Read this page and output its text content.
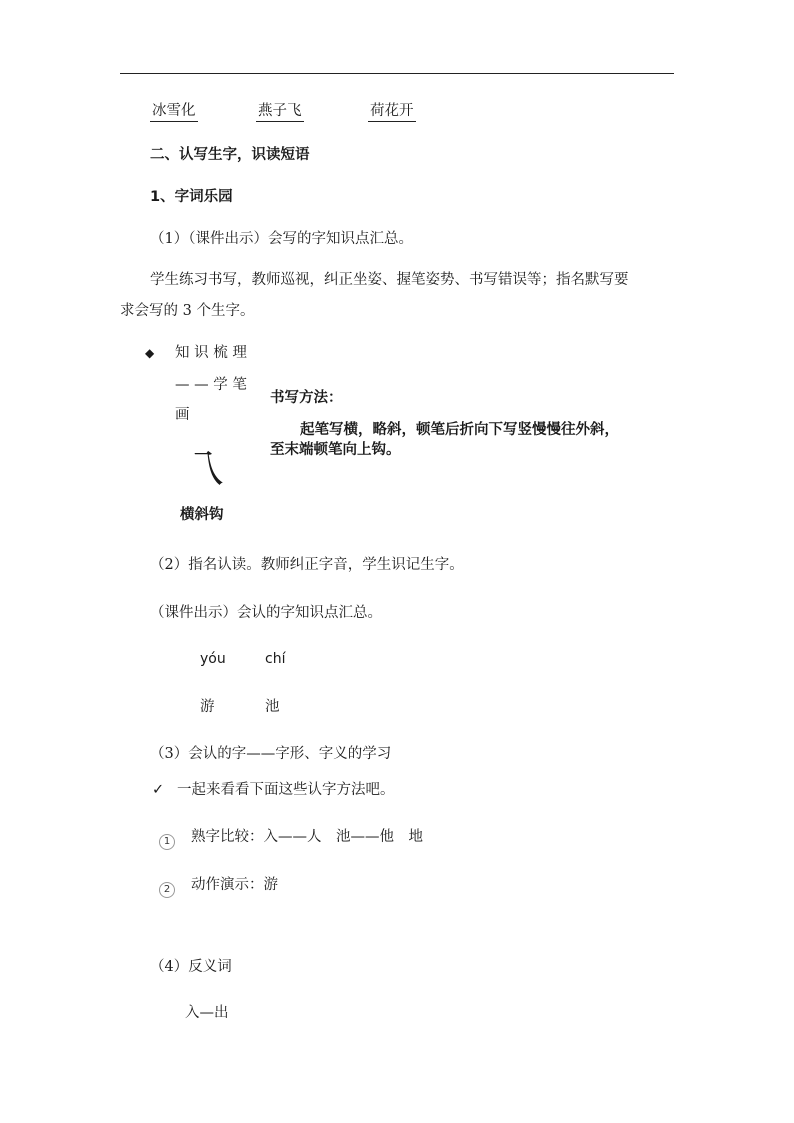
冰雪化	燕子飞	荷花开
二、认写生字，识读短语
1、字词乐园
（1）（课件出示）会写的字知识点汇总。
学生练习书写，教师巡视，纠正坐姿、握笔姿势、书写错误等；指名默写要
求会写的 3 个生字。
◆ 知 识 梳 理
— — 学 笔
画
乁
横斜钩
书写方法：
起笔写横，略斜，顿笔后折向下写竖慢慢往外斜，
至末端顿笔向上钩。
（2）指名认读。教师纠正字音，学生识记生字。
（课件出示）会认的字知识点汇总。
yóu	chí
游	池
（3）会认的字——字形、字义的学习
✓ 一起来看看下面这些认字方法吧。
1	熟字比较：入——人　池——他　地
2	动作演示：游
（4）反义词
入—出
